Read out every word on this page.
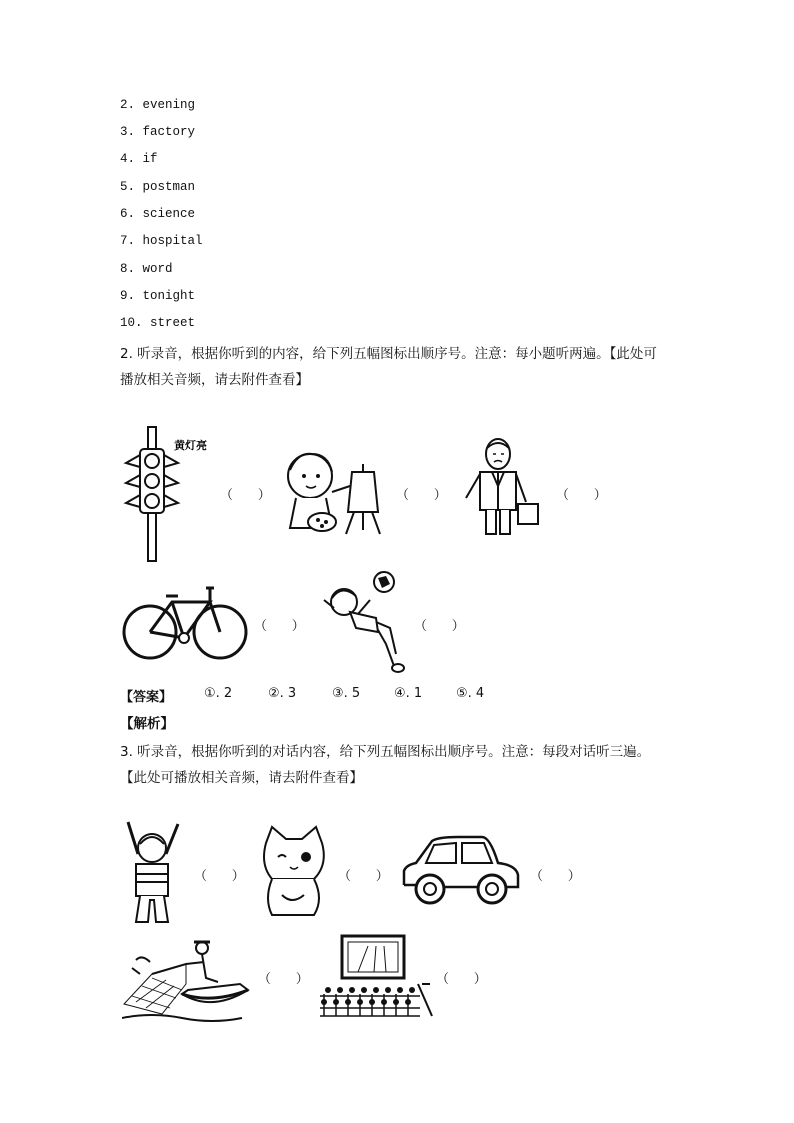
2. evening
3. factory
4. if
5. postman
6. science
7. hospital
8. word
9. tonight
10. street
2. 听录音，根据你听到的内容，给下列五幅图标出顺序号。注意：每小题听两遍。【此处可
播放相关音频，请去附件查看】
黄灯亮
（      ）	（      ）	（      ）
（      ）	（      ）
【答案】 ①. 2	②. 3	③. 5	④. 1	⑤. 4
【解析】
3. 听录音，根据你听到的对话内容，给下列五幅图标出顺序号。注意：每段对话听三遍。
【此处可播放相关音频，请去附件查看】
（      ）	（      ）	（      ）
（      ）	（      ）
